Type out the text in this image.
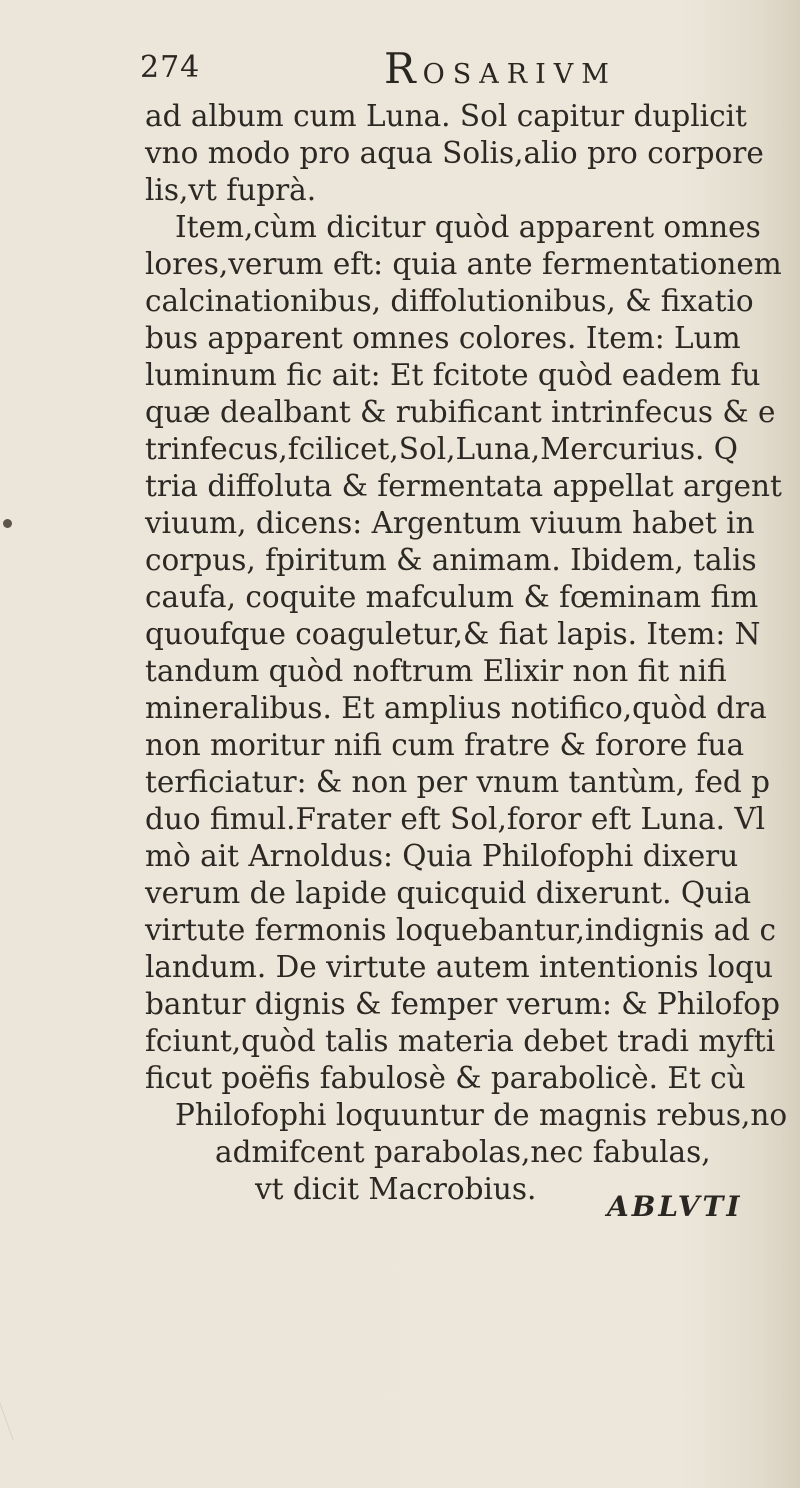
274	ROSARIVM
ad album cum Luna. Sol capitur duplicit
vno modo pro aqua Solis,alio pro corpore
lis,vt fuprà.
Item,cùm dicitur quòd apparent omnes
lores,verum eft: quia ante fermentationem
calcinationibus, diffolutionibus, & fixatio
bus apparent omnes colores. Item: Lum
luminum fic ait: Et fcitote quòd eadem fu
quæ dealbant & rubificant intrinfecus & e
trinfecus,fcilicet,Sol,Luna,Mercurius. Q
tria diffoluta & fermentata appellat argent
viuum, dicens: Argentum viuum habet in
corpus, fpiritum & animam. Ibidem, talis
caufa, coquite mafculum & fœminam fim
quoufque coaguletur,& fiat lapis. Item: N
tandum quòd noftrum Elixir non fit nifi
mineralibus. Et amplius notifico,quòd dra
non moritur nifi cum fratre & forore fua
terficiatur: & non per vnum tantùm, fed p
duo fimul.Frater eft Sol,foror eft Luna. Vl
mò ait Arnoldus: Quia Philofophi dixeru
verum de lapide quicquid dixerunt. Quia
virtute fermonis loquebantur,indignis ad c
landum. De virtute autem intentionis loqu
bantur dignis & femper verum: & Philofop
fciunt,quòd talis materia debet tradi myfti
ficut poëfis fabulosè & parabolicè. Et cù
Philofophi loquuntur de magnis rebus,no
admifcent parabolas,nec fabulas,
vt dicit Macrobius.
ABLVTI
